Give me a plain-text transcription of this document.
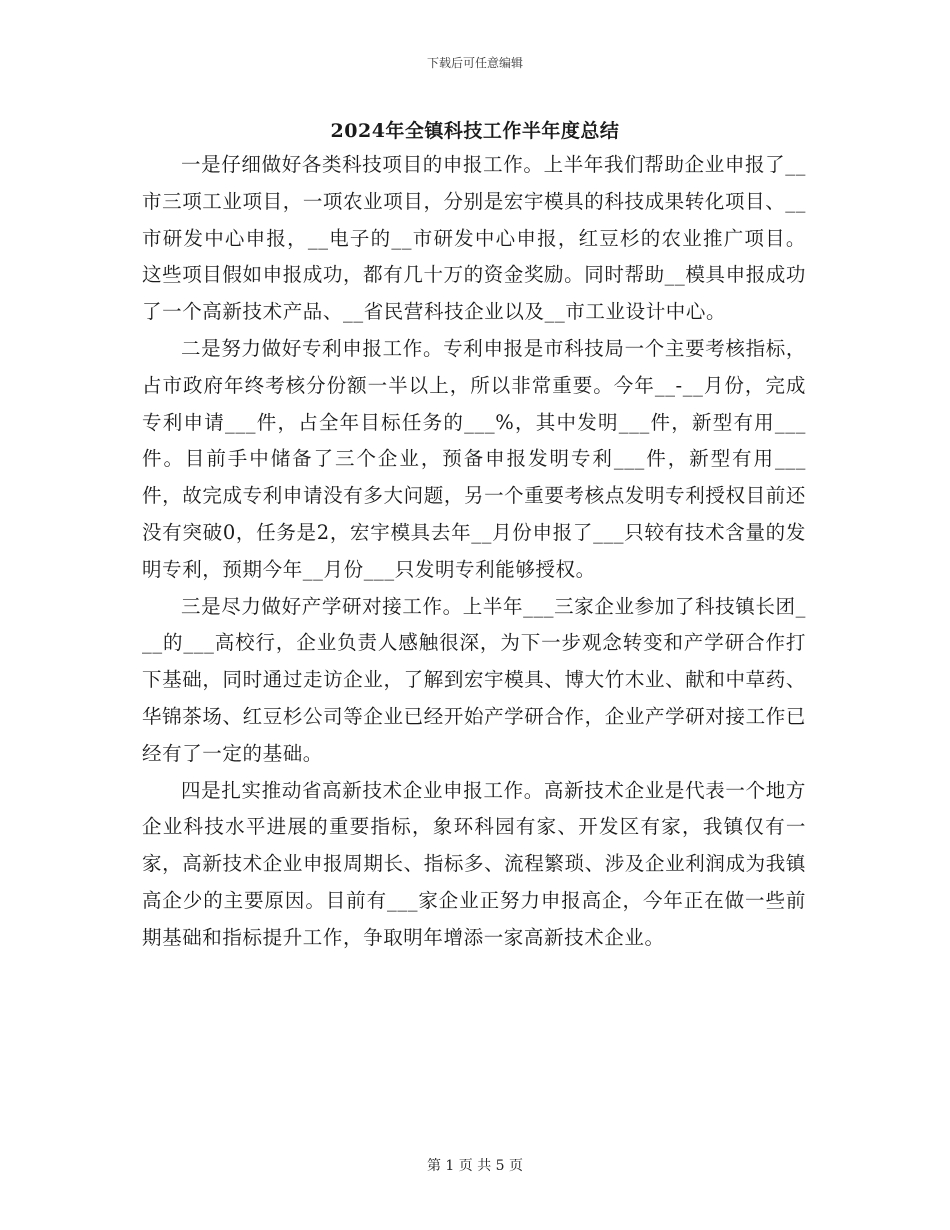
下载后可任意编辑
2024年全镇科技工作半年度总结

一是仔细做好各类科技项目的申报工作。上半年我们帮助企业申报了__市三项工业项目，一项农业项目，分别是宏宇模具的科技成果转化项目、__市研发中心申报，__电子的__市研发中心申报，红豆杉的农业推广项目。这些项目假如申报成功，都有几十万的资金奖励。同时帮助__模具申报成功了一个高新技术产品、__省民营科技企业以及__市工业设计中心。

二是努力做好专利申报工作。专利申报是市科技局一个主要考核指标，占市政府年终考核分份额一半以上，所以非常重要。今年__-__月份，完成专利申请___件，占全年目标任务的___%，其中发明___件，新型有用___件。目前手中储备了三个企业，预备申报发明专利___件，新型有用___件，故完成专利申请没有多大问题，另一个重要考核点发明专利授权目前还没有突破0，任务是2，宏宇模具去年__月份申报了___只较有技术含量的发明专利，预期今年__月份___只发明专利能够授权。

三是尽力做好产学研对接工作。上半年___三家企业参加了科技镇长团___的___高校行，企业负责人感触很深，为下一步观念转变和产学研合作打下基础，同时通过走访企业，了解到宏宇模具、博大竹木业、献和中草药、华锦茶场、红豆杉公司等企业已经开始产学研合作，企业产学研对接工作已经有了一定的基础。

四是扎实推动省高新技术企业申报工作。高新技术企业是代表一个地方企业科技水平进展的重要指标，象环科园有家、开发区有家，我镇仅有一家，高新技术企业申报周期长、指标多、流程繁琐、涉及企业利润成为我镇高企少的主要原因。目前有___家企业正努力申报高企，今年正在做一些前期基础和指标提升工作，争取明年增添一家高新技术企业。

第 1 页 共 5 页
